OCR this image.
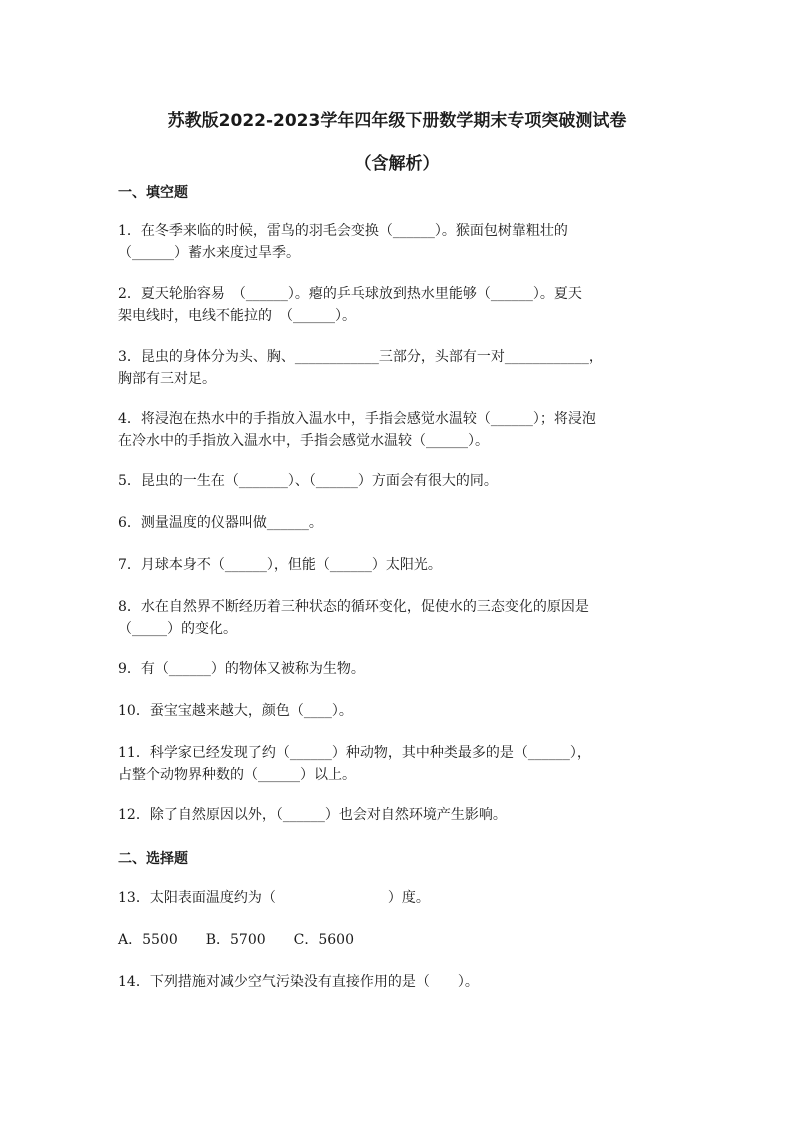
苏教版2022-2023学年四年级下册数学期末专项突破测试卷
（含解析）
一、填空题
1．在冬季来临的时候，雷鸟的羽毛会变换（______）。猴面包树靠粗壮的
（______）蓄水来度过旱季。
2．夏天轮胎容易　（______）。瘪的乒乓球放到热水里能够（______）。夏天
架电线时，电线不能拉的　（______）。
3．昆虫的身体分为头、胸、____________三部分，头部有一对____________，
胸部有三对足。
4．将浸泡在热水中的手指放入温水中，手指会感觉水温较（______）；将浸泡
在冷水中的手指放入温水中，手指会感觉水温较（______）。
5．昆虫的一生在（_______）、（______）方面会有很大的同。
6．测量温度的仪器叫做______。
7．月球本身不（______），但能（______）太阳光。
8．水在自然界不断经历着三种状态的循环变化，促使水的三态变化的原因是
（_____）的变化。
9．有（______）的物体又被称为生物。
10．蚕宝宝越来越大，颜色（____）。
11．科学家已经发现了约（______）种动物，其中种类最多的是（______），
占整个动物界种数的（______）以上。
12．除了自然原因以外，（______）也会对自然环境产生影响。
二、选择题
13．太阳表面温度约为（　　　　　　　　）度。
A．5500　　B．5700　　C．5600
14．下列措施对减少空气污染没有直接作用的是（　　）。
